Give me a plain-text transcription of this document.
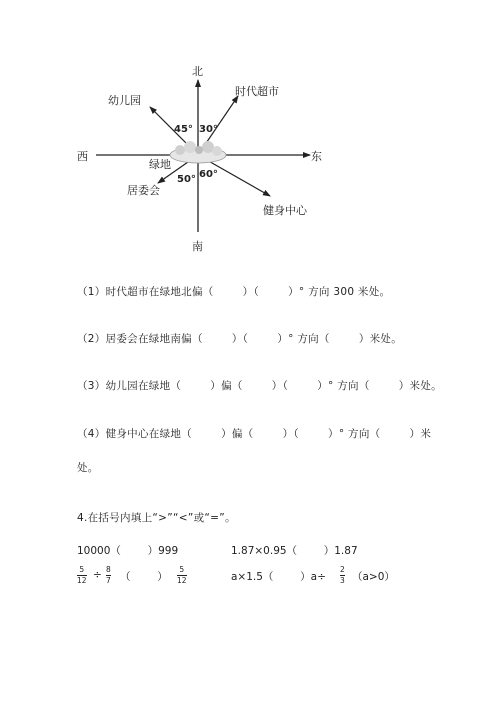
北
南
东
西
时代超市
幼儿园
居委会
健身中心
绿地
45° 30°
50° 60°
（1）时代超市在绿地北偏（        ）（        ）° 方向 300 米处。
（2）居委会在绿地南偏（        ）（        ）° 方向（        ）米处。
（3）幼儿园在绿地（        ）偏（        ）（        ）° 方向（        ）米处。
（4）健身中心在绿地（        ）偏（        ）（        ）° 方向（        ）米
处。
4.在括号内填上“>”“<”或“=”。
10000（        ）999	1.87×0.95（        ）1.87
5
12 ÷ 8
7 （        ）
5
12	a×1.5（        ）a÷
2
3 （a>0）
